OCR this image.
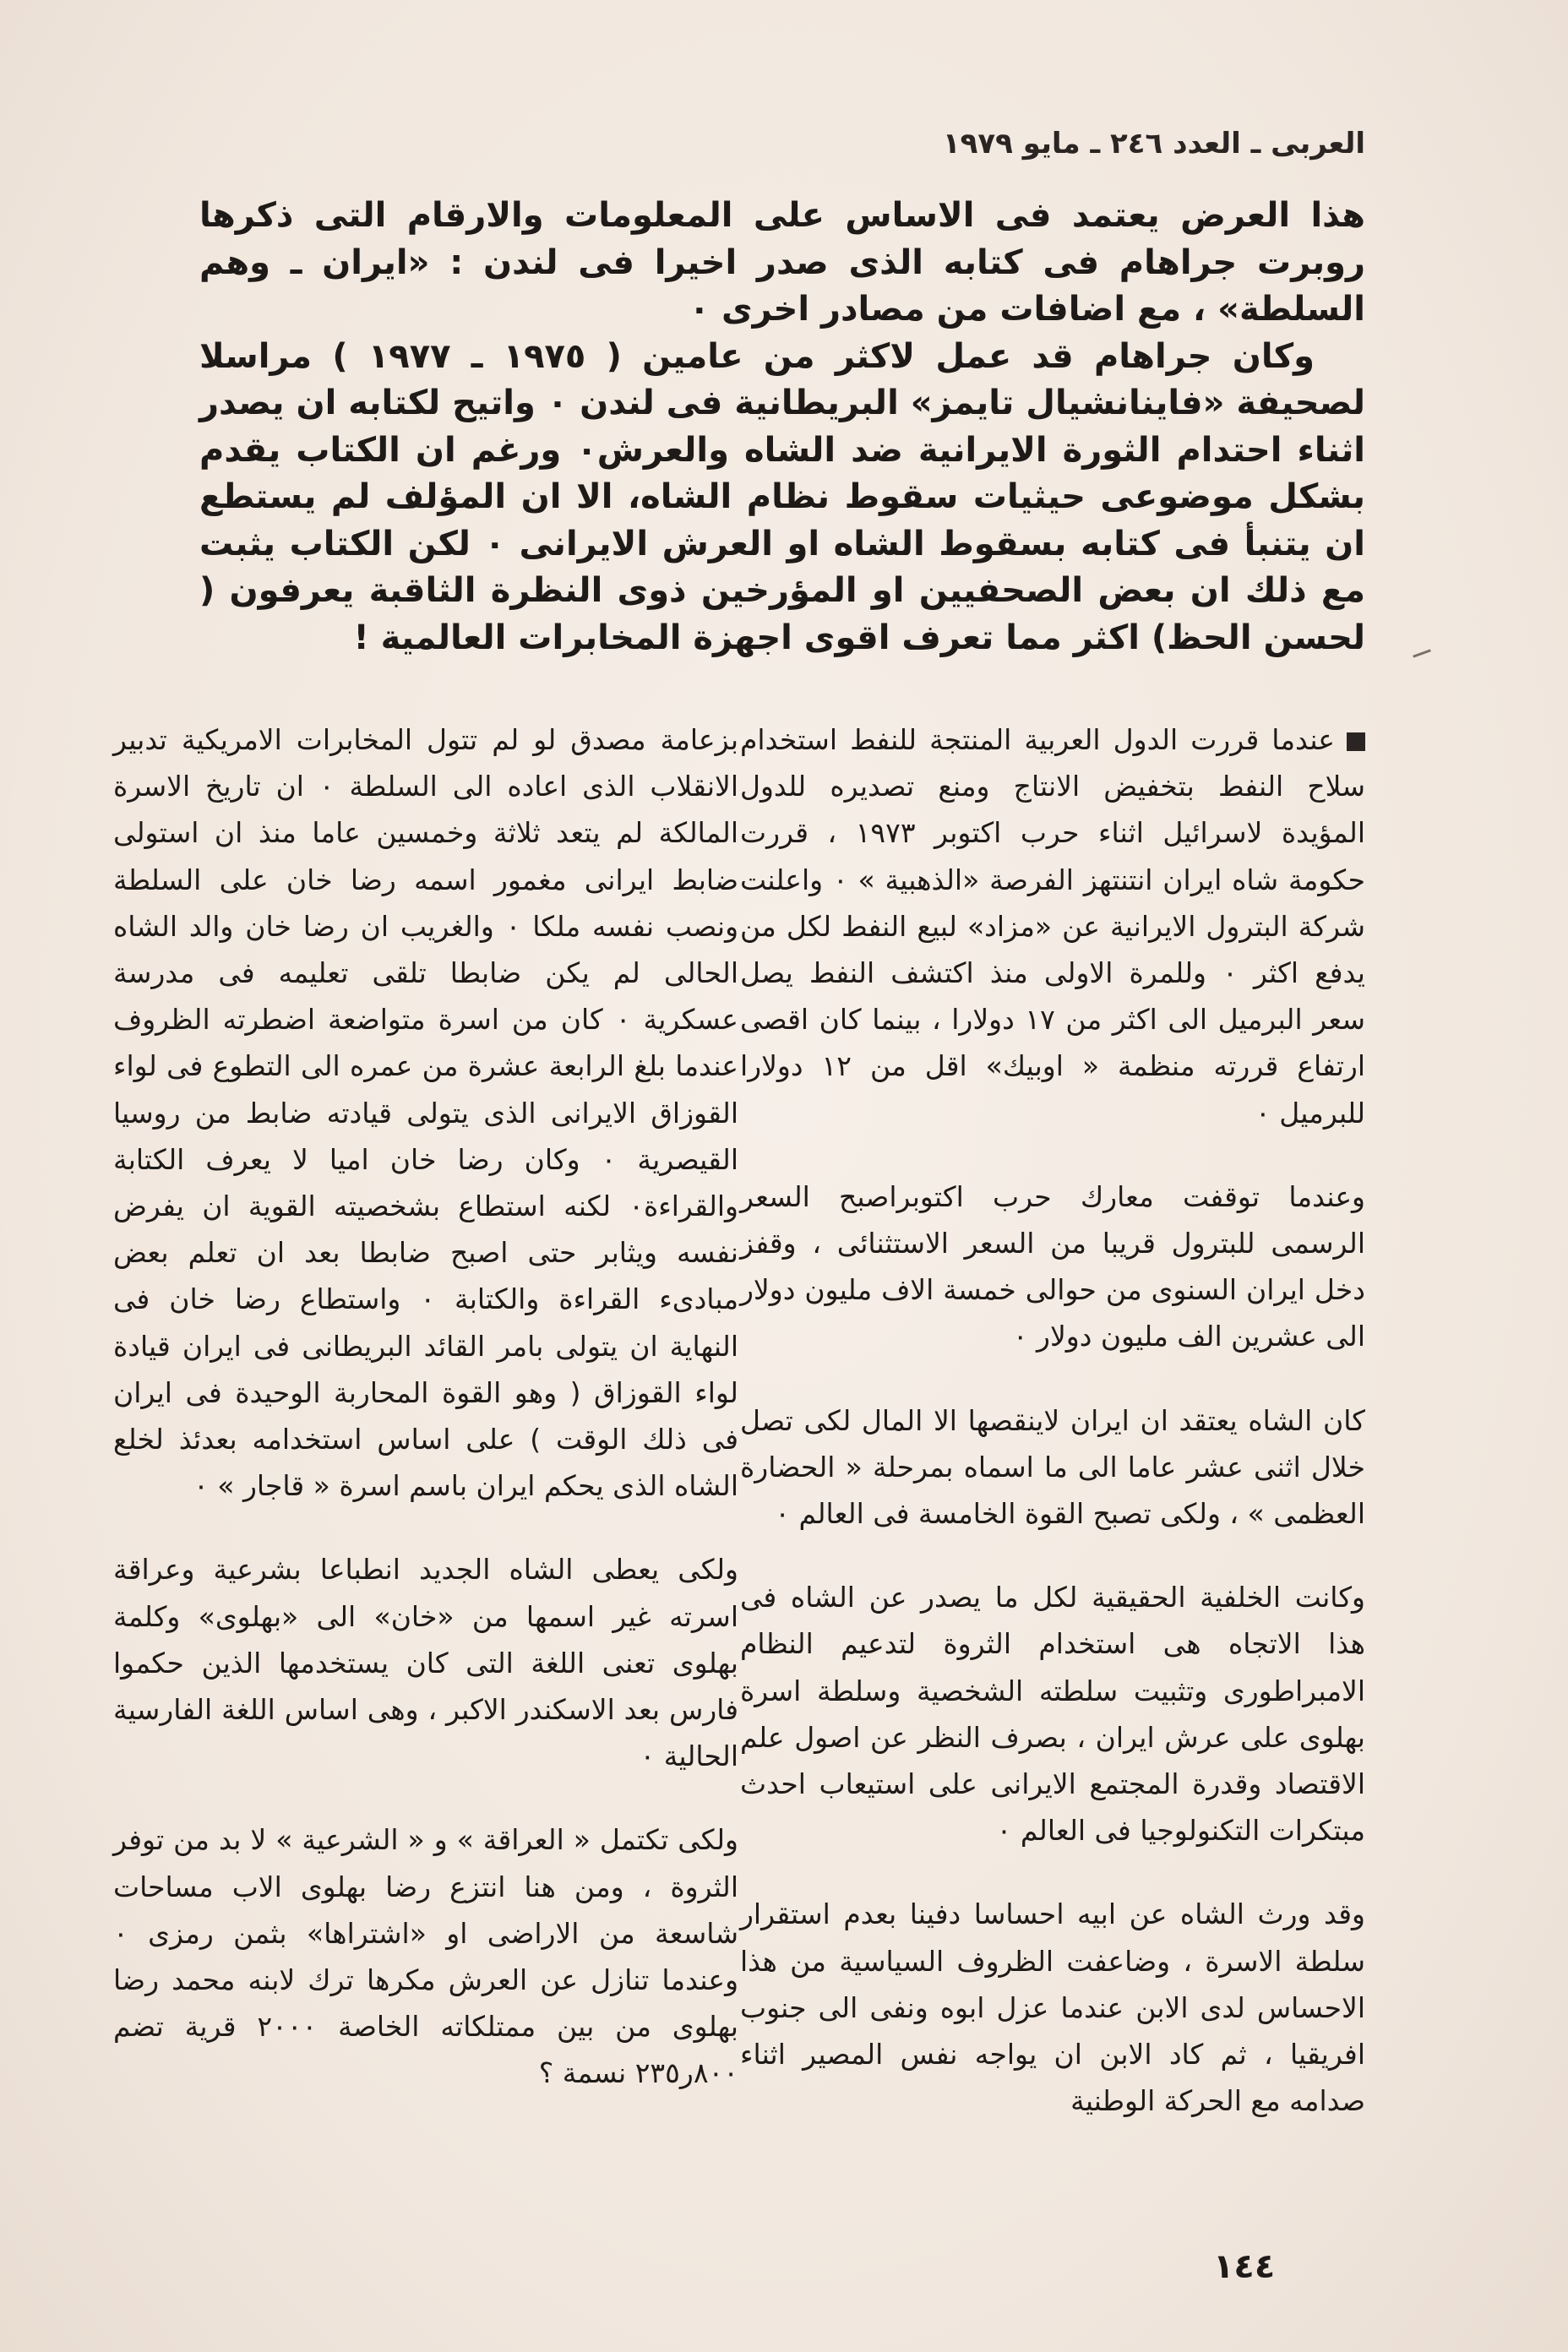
العربى ـ العدد ٢٤٦ ـ مايو ١٩٧٩

هذا العرض يعتمد فى الاساس على المعلومات والارقام التى ذكرها روبرت جراهام فى كتابه الذى صدر اخيرا فى لندن : «ايران ـ وهم السلطة» ، مع اضافات من مصادر اخرى ٠

وكان جراهام قد عمل لاكثر من عامين ( ١٩٧٥ ـ ١٩٧٧ ) مراسلا لصحيفة «فاينانشيال تايمز» البريطانية فى لندن ٠ واتيح لكتابه ان يصدر اثناء احتدام الثورة الايرانية ضد الشاه والعرش٠ ورغم ان الكتاب يقدم بشكل موضوعى حيثيات سقوط نظام الشاه، الا ان المؤلف لم يستطع ان يتنبأ فى كتابه بسقوط الشاه او العرش الايرانى ٠ لكن الكتاب يثبت مع ذلك ان بعض الصحفيين او المؤرخين ذوى النظرة الثاقبة يعرفون ( لحسن الحظ) اكثر مما تعرف اقوى اجهزة المخابرات العالمية !

عندما قررت الدول العربية المنتجة للنفط استخدام سلاح النفط بتخفيض الانتاج ومنع تصديره للدول المؤيدة لاسرائيل اثناء حرب اكتوبر ١٩٧٣ ، قررت حكومة شاه ايران انتنتهز الفرصة «الذهبية » ٠ واعلنت شركة البترول الايرانية عن «مزاد» لبيع النفط لكل من يدفع اكثر ٠ وللمرة الاولى منذ اكتشف النفط يصل سعر البرميل الى اكثر من ١٧ دولارا ، بينما كان اقصى ارتفاع قررته منظمة « اوبيك» اقل من ١٢ دولارا للبرميل ٠

وعندما توقفت معارك حرب اكتوبراصبح السعر الرسمى للبترول قريبا من السعر الاستثنائى ، وقفز دخل ايران السنوى من حوالى خمسة الاف مليون دولار الى عشرين الف مليون دولار ٠

كان الشاه يعتقد ان ايران لاينقصها الا المال لكى تصل خلال اثنى عشر عاما الى ما اسماه بمرحلة « الحضارة العظمى » ، ولكى تصبح القوة الخامسة فى العالم ٠

وكانت الخلفية الحقيقية لكل ما يصدر عن الشاه فى هذا الاتجاه هى استخدام الثروة لتدعيم النظام الامبراطورى وتثبيت سلطته الشخصية وسلطة اسرة بهلوى على عرش ايران ، بصرف النظر عن اصول علم الاقتصاد وقدرة المجتمع الايرانى على استيعاب احدث مبتكرات التكنولوجيا فى العالم ٠

وقد ورث الشاه عن ابيه احساسا دفينا بعدم استقرار سلطة الاسرة ، وضاعفت الظروف السياسية من هذا الاحساس لدى الابن عندما عزل ابوه ونفى الى جنوب افريقيا ، ثم كاد الابن ان يواجه نفس المصير اثناء صدامه مع الحركة الوطنية

بزعامة مصدق لو لم تتول المخابرات الامريكية تدبير الانقلاب الذى اعاده الى السلطة ٠ ان تاريخ الاسرة المالكة لم يتعد ثلاثة وخمسين عاما منذ ان استولى ضابط ايرانى مغمور اسمه رضا خان على السلطة ونصب نفسه ملكا ٠ والغريب ان رضا خان والد الشاه الحالى لم يكن ضابطا تلقى تعليمه فى مدرسة عسكرية ٠ كان من اسرة متواضعة اضطرته الظروف عندما بلغ الرابعة عشرة من عمره الى التطوع فى لواء القوزاق الايرانى الذى يتولى قيادته ضابط من روسيا القيصرية ٠ وكان رضا خان اميا لا يعرف الكتابة والقراءة٠ لكنه استطاع بشخصيته القوية ان يفرض نفسه ويثابر حتى اصبح ضابطا بعد ان تعلم بعض مبادىء القراءة والكتابة ٠ واستطاع رضا خان فى النهاية ان يتولى بامر القائد البريطانى فى ايران قيادة لواء القوزاق ( وهو القوة المحاربة الوحيدة فى ايران فى ذلك الوقت ) على اساس استخدامه بعدئذ لخلع الشاه الذى يحكم ايران باسم اسرة « قاجار » ٠

ولكى يعطى الشاه الجديد انطباعا بشرعية وعراقة اسرته غير اسمها من «خان» الى «بهلوى» وكلمة بهلوى تعنى اللغة التى كان يستخدمها الذين حكموا فارس بعد الاسكندر الاكبر ، وهى اساس اللغة الفارسية الحالية ٠

ولكى تكتمل « العراقة » و « الشرعية » لا بد من توفر الثروة ، ومن هنا انتزع رضا بهلوى الاب مساحات شاسعة من الاراضى او «اشتراها» بثمن رمزى ٠ وعندما تنازل عن العرش مكرها ترك لابنه محمد رضا بهلوى من بين ممتلكاته الخاصة ٢٠٠٠ قرية تضم ٨٠٠ر٢٣٥ نسمة ؟

١٤٤
